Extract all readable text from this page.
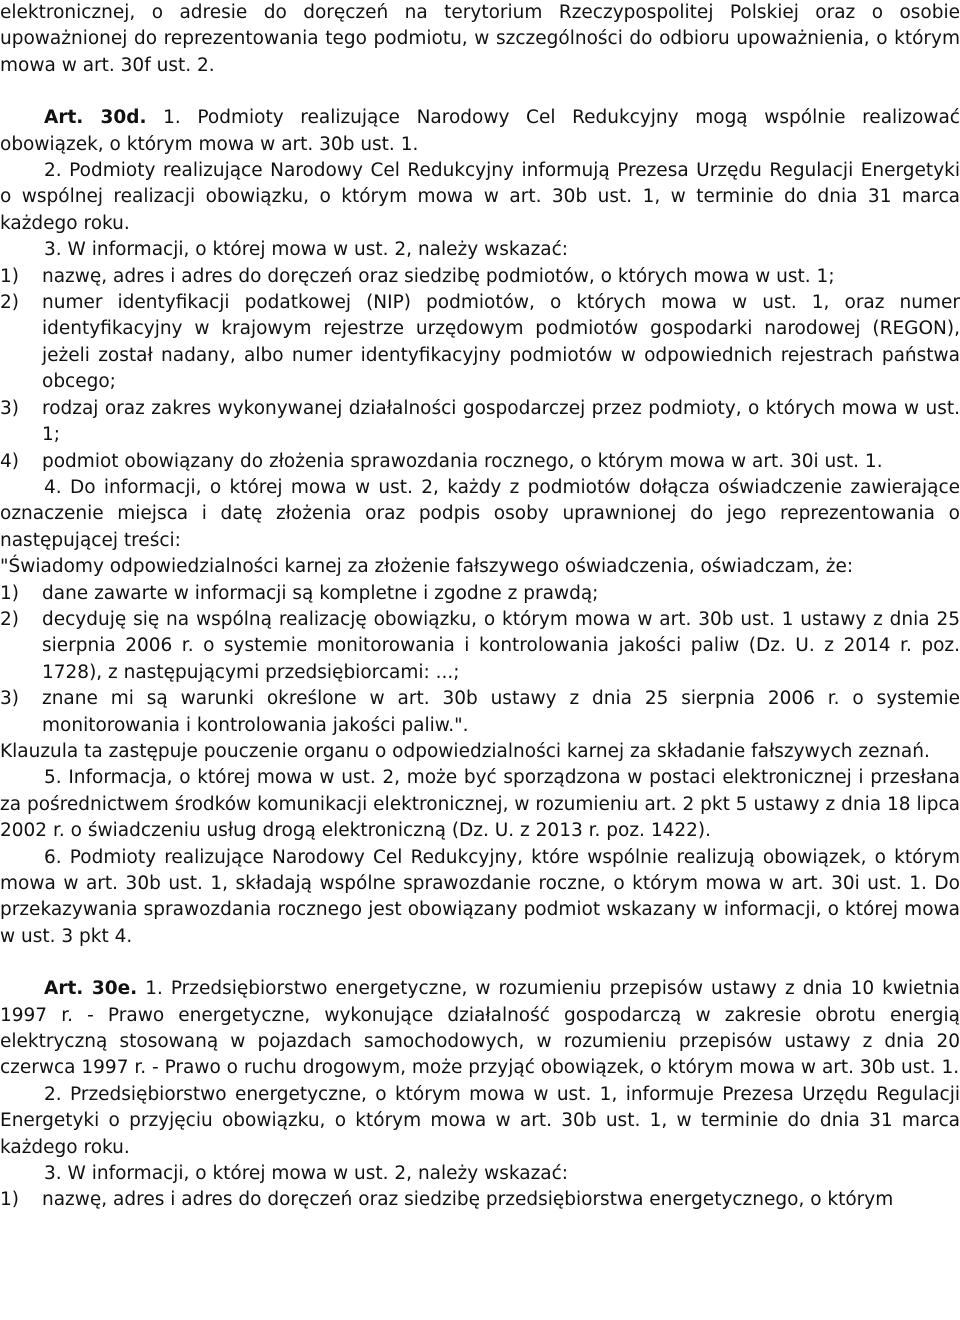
elektronicznej, o adresie do doręczeń na terytorium Rzeczypospolitej Polskiej oraz o osobie upoważnionej do reprezentowania tego podmiotu, w szczególności do odbioru upoważnienia, o którym mowa w art. 30f ust. 2.

Art. 30d. 1. Podmioty realizujące Narodowy Cel Redukcyjny mogą wspólnie realizować obowiązek, o którym mowa w art. 30b ust. 1.

2. Podmioty realizujące Narodowy Cel Redukcyjny informują Prezesa Urzędu Regulacji Energetyki o wspólnej realizacji obowiązku, o którym mowa w art. 30b ust. 1, w terminie do dnia 31 marca każdego roku.

3. W informacji, o której mowa w ust. 2, należy wskazać:

1)	nazwę, adres i adres do doręczeń oraz siedzibę podmiotów, o których mowa w ust. 1;
2)	numer identyfikacji podatkowej (NIP) podmiotów, o których mowa w ust. 1, oraz numer identyfikacyjny w krajowym rejestrze urzędowym podmiotów gospodarki narodowej (REGON), jeżeli został nadany, albo numer identyfikacyjny podmiotów w odpowiednich rejestrach państwa obcego;
3)	rodzaj oraz zakres wykonywanej działalności gospodarczej przez podmioty, o których mowa w ust. 1;
4)	podmiot obowiązany do złożenia sprawozdania rocznego, o którym mowa w art. 30i ust. 1.

4. Do informacji, o której mowa w ust. 2, każdy z podmiotów dołącza oświadczenie zawierające oznaczenie miejsca i datę złożenia oraz podpis osoby uprawnionej do jego reprezentowania o następującej treści:

"Świadomy odpowiedzialności karnej za złożenie fałszywego oświadczenia, oświadczam, że:

1)	dane zawarte w informacji są kompletne i zgodne z prawdą;
2)	decyduję się na wspólną realizację obowiązku, o którym mowa w art. 30b ust. 1 ustawy z dnia 25 sierpnia 2006 r. o systemie monitorowania i kontrolowania jakości paliw (Dz. U. z 2014 r. poz. 1728), z następującymi przedsiębiorcami: ...;
3)	znane mi są warunki określone w art. 30b ustawy z dnia 25 sierpnia 2006 r. o systemie monitorowania i kontrolowania jakości paliw.".

Klauzula ta zastępuje pouczenie organu o odpowiedzialności karnej za składanie fałszywych zeznań.

5. Informacja, o której mowa w ust. 2, może być sporządzona w postaci elektronicznej i przesłana za pośrednictwem środków komunikacji elektronicznej, w rozumieniu art. 2 pkt 5 ustawy z dnia 18 lipca 2002 r. o świadczeniu usług drogą elektroniczną (Dz. U. z 2013 r. poz. 1422).

6. Podmioty realizujące Narodowy Cel Redukcyjny, które wspólnie realizują obowiązek, o którym mowa w art. 30b ust. 1, składają wspólne sprawozdanie roczne, o którym mowa w art. 30i ust. 1. Do przekazywania sprawozdania rocznego jest obowiązany podmiot wskazany w informacji, o której mowa w ust. 3 pkt 4.

Art. 30e. 1. Przedsiębiorstwo energetyczne, w rozumieniu przepisów ustawy z dnia 10 kwietnia 1997 r. - Prawo energetyczne, wykonujące działalność gospodarczą w zakresie obrotu energią elektryczną stosowaną w pojazdach samochodowych, w rozumieniu przepisów ustawy z dnia 20 czerwca 1997 r. - Prawo o ruchu drogowym, może przyjąć obowiązek, o którym mowa w art. 30b ust. 1.

2. Przedsiębiorstwo energetyczne, o którym mowa w ust. 1, informuje Prezesa Urzędu Regulacji Energetyki o przyjęciu obowiązku, o którym mowa w art. 30b ust. 1, w terminie do dnia 31 marca każdego roku.

3. W informacji, o której mowa w ust. 2, należy wskazać:

1)	nazwę, adres i adres do doręczeń oraz siedzibę przedsiębiorstwa energetycznego, o którym
